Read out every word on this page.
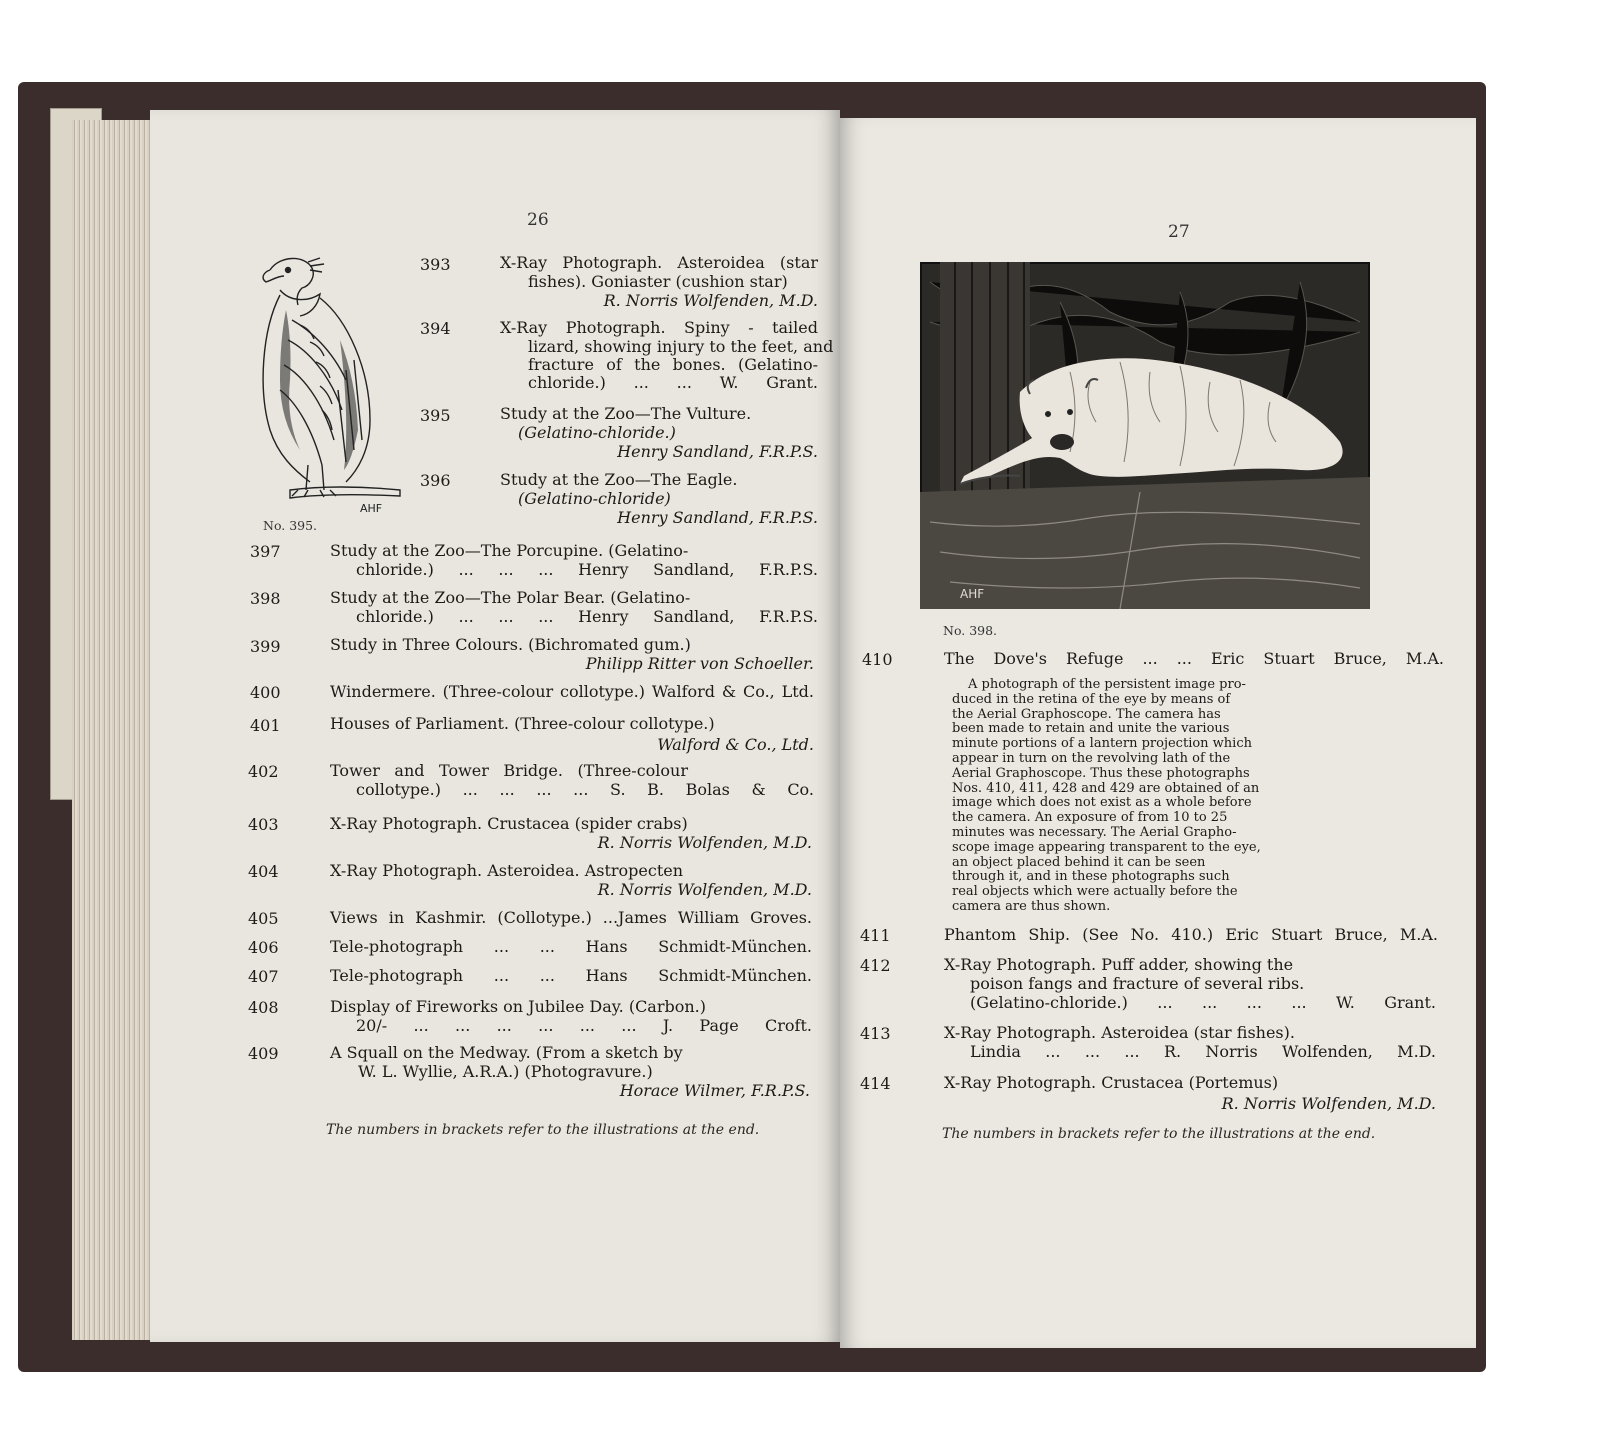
26
AHF
No. 395.
393	X-Ray Photograph. Asteroidea (star
fishes). Goniaster (cushion star)
R. Norris Wolfenden, M.D.
394	X-Ray Photograph. Spiny - tailed
lizard, showing injury to the feet, and
fracture of the bones. (Gelatino-
chloride.) ... ... W. Grant.
395	Study at the Zoo—The Vulture.
(Gelatino-chloride.)
Henry Sandland, F.R.P.S.
396	Study at the Zoo—The Eagle.
(Gelatino-chloride)
Henry Sandland, F.R.P.S.
397	Study at the Zoo—The Porcupine. (Gelatino-
chloride.) ... ... ... Henry Sandland, F.R.P.S.
398	Study at the Zoo—The Polar Bear. (Gelatino-
chloride.) ... ... ... Henry Sandland, F.R.P.S.
399	Study in Three Colours. (Bichromated gum.)
Philipp Ritter von Schoeller.
400	Windermere. (Three-colour collotype.) Walford & Co., Ltd.
401	Houses of Parliament. (Three-colour collotype.)
Walford & Co., Ltd.
402	Tower and Tower Bridge. (Three-colour
collotype.) ... ... ... ... S. B. Bolas & Co.
403	X-Ray Photograph. Crustacea (spider crabs)
R. Norris Wolfenden, M.D.
404	X-Ray Photograph. Asteroidea. Astropecten
R. Norris Wolfenden, M.D.
405	Views in Kashmir. (Collotype.) ...James William Groves.
406	Tele-photograph ... ... Hans Schmidt-München.
407	Tele-photograph ... ... Hans Schmidt-München.
408	Display of Fireworks on Jubilee Day. (Carbon.)
20/- ... ... ... ... ... ... J. Page Croft.
409	A Squall on the Medway. (From a sketch by
W. L. Wyllie, A.R.A.) (Photogravure.)
Horace Wilmer, F.R.P.S.
The numbers in brackets refer to the illustrations at the end.
27
AHF
No. 398.
410	The Dove's Refuge ... ... Eric Stuart Bruce, M.A.
A photograph of the persistent image pro-
duced in the retina of the eye by means of
the Aerial Graphoscope. The camera has
been made to retain and unite the various
minute portions of a lantern projection which
appear in turn on the revolving lath of the
Aerial Graphoscope. Thus these photographs
Nos. 410, 411, 428 and 429 are obtained of an
image which does not exist as a whole before
the camera. An exposure of from 10 to 25
minutes was necessary. The Aerial Grapho-
scope image appearing transparent to the eye,
an object placed behind it can be seen
through it, and in these photographs such
real objects which were actually before the
camera are thus shown.
411	Phantom Ship. (See No. 410.) Eric Stuart Bruce, M.A.
412	X-Ray Photograph. Puff adder, showing the
poison fangs and fracture of several ribs.
(Gelatino-chloride.) ... ... ... ... W. Grant.
413	X-Ray Photograph. Asteroidea (star fishes).
Lindia ... ... ... R. Norris Wolfenden, M.D.
414	X-Ray Photograph. Crustacea (Portemus)
R. Norris Wolfenden, M.D.
The numbers in brackets refer to the illustrations at the end.
